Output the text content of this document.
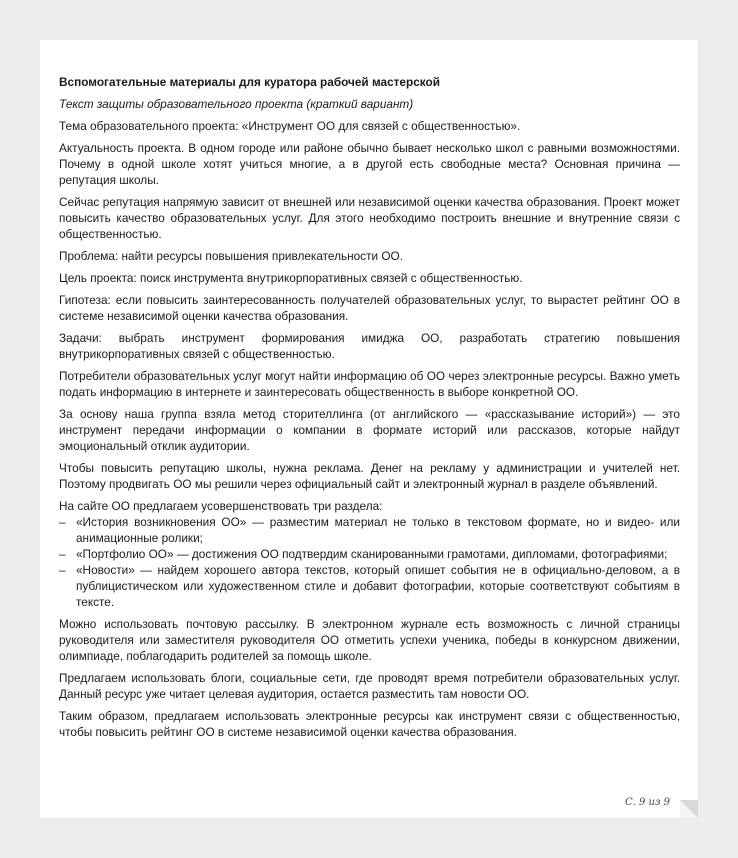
Вспомогательные материалы для куратора рабочей мастерской
Текст защиты образовательного проекта (краткий вариант)
Тема образовательного проекта: «Инструмент ОО для связей с общественностью».
Актуальность проекта. В одном городе или районе обычно бывает несколько школ с равными возможностями. Почему в одной школе хотят учиться многие, а в другой есть свободные места? Основная причина — репутация школы.
Сейчас репутация напрямую зависит от внешней или независимой оценки качества образования. Проект может повысить качество образовательных услуг. Для этого необходимо построить внешние и внутренние связи с общественностью.
Проблема: найти ресурсы повышения привлекательности ОО.
Цель проекта: поиск инструмента внутрикорпоративных связей с общественностью.
Гипотеза: если повысить заинтересованность получателей образовательных услуг, то вырастет рейтинг ОО в системе независимой оценки качества образования.
Задачи: выбрать инструмент формирования имиджа ОО, разработать стратегию повышения внутрикорпоративных связей с общественностью.
Потребители образовательных услуг могут найти информацию об ОО через электронные ресурсы. Важно уметь подать информацию в интернете и заинтересовать общественность в выборе конкретной ОО.
За основу наша группа взяла метод сторителлинга (от английского — «рассказывание историй») — это инструмент передачи информации о компании в формате историй или рассказов, которые найдут эмоциональный отклик аудитории.
Чтобы повысить репутацию школы, нужна реклама. Денег на рекламу у администрации и учителей нет. Поэтому продвигать ОО мы решили через официальный сайт и электронный журнал в разделе объявлений.
На сайте ОО предлагаем усовершенствовать три раздела:
– «История возникновения ОО» — разместим материал не только в текстовом формате, но и видео- или анимационные ролики;
– «Портфолио ОО» — достижения ОО подтвердим сканированными грамотами, дипломами, фотографиями;
– «Новости» — найдем хорошего автора текстов, который опишет события не в официально-деловом, а в публицистическом или художественном стиле и добавит фотографии, которые соответствуют событиям в тексте.
Можно использовать почтовую рассылку. В электронном журнале есть возможность с личной страницы руководителя или заместителя руководителя ОО отметить успехи ученика, победы в конкурсном движении, олимпиаде, поблагодарить родителей за помощь школе.
Предлагаем использовать блоги, социальные сети, где проводят время потребители образовательных услуг. Данный ресурс уже читает целевая аудитория, остается разместить там новости ОО.
Таким образом, предлагаем использовать электронные ресурсы как инструмент связи с общественностью, чтобы повысить рейтинг ОО в системе независимой оценки качества образования.
С. 9 из 9
